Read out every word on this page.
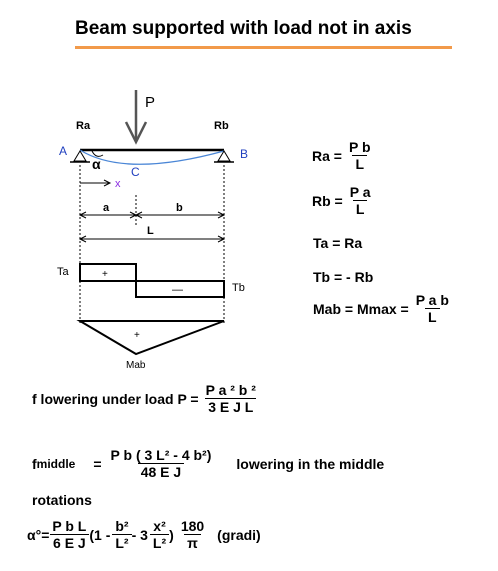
Beam supported with load not in axis
P
Ra	Rb
A	B
C
α
x
a	b
L
+
—
Ta
Tb
+
Mab
$Ra = \frac{\text{P b}}{L}$
$Rb = \frac{\text{P a}}{L}$
Ta = Ra
Tb = - Rb
Mab = $Mmax = \frac{\text{P a b}}{L}$
f lowering under load $P = \frac{\text{P a ² b ²}}{\text{3 E J L}}$
f middle = $\frac{\text{P b ( 3 L² - 4 b²)}}{\text{48 E J}}$ lowering in the middle
rotations
$\alpha^\circ= \frac{\text{P b L}}{\text{6 E J}} (1 - \frac{\text{b²}}{\text{L²}} - 3 \frac{\text{x²}}{\text{L²}}$ ) $\frac{180}{\pi}$ (gradi)
